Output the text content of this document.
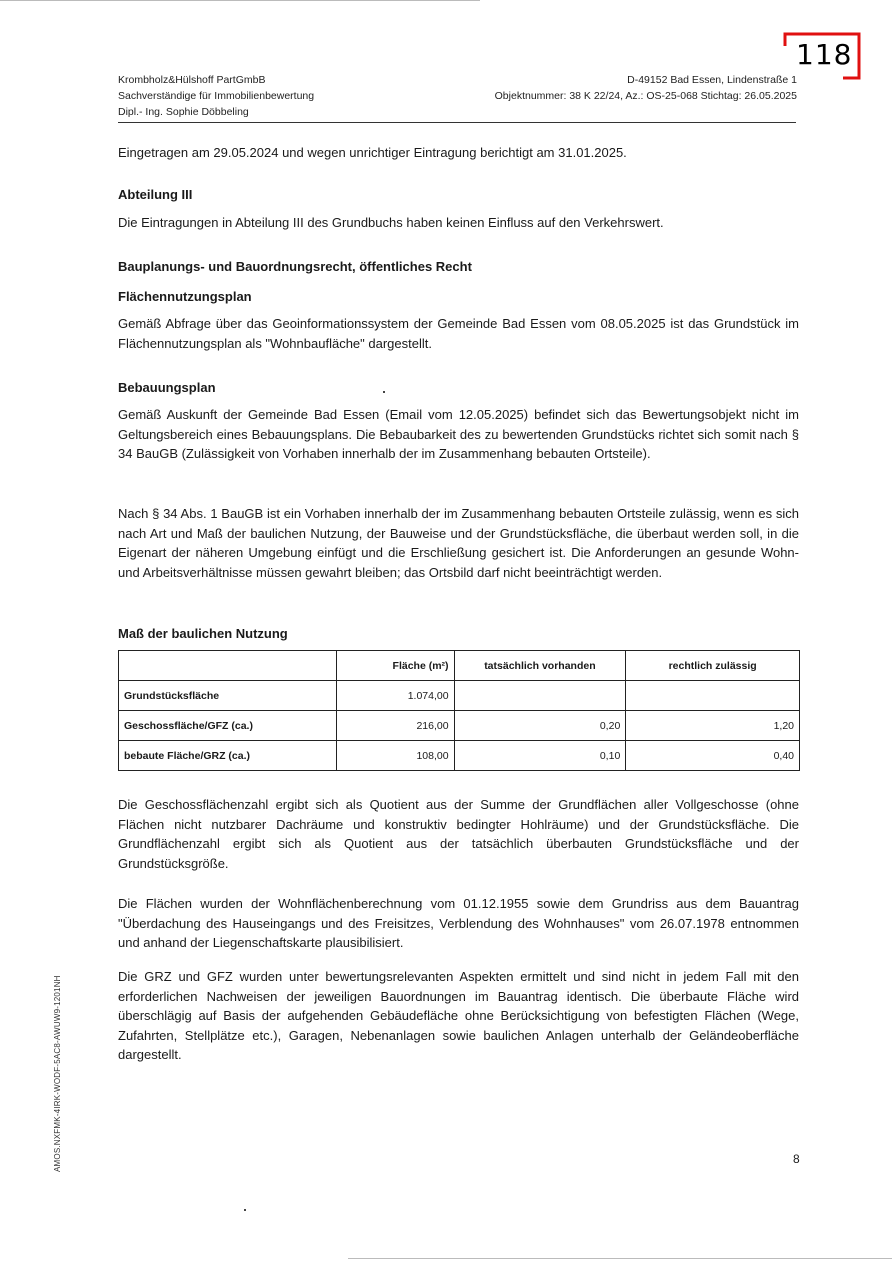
118
Krombholz&Hülshoff PartGmbB
Sachverständige für Immobilienbewertung
Dipl.- Ing. Sophie Döbbeling
D-49152 Bad Essen, Lindenstraße 1
Objektnummer: 38 K 22/24, Az.: OS-25-068 Stichtag: 26.05.2025
Eingetragen am 29.05.2024 und wegen unrichtiger Eintragung berichtigt am 31.01.2025.
Abteilung III
Die Eintragungen in Abteilung III des Grundbuchs haben keinen Einfluss auf den Verkehrswert.
Bauplanungs- und Bauordnungsrecht, öffentliches Recht
Flächennutzungsplan
Gemäß Abfrage über das Geoinformationssystem der Gemeinde Bad Essen vom 08.05.2025 ist das Grundstück im Flächennutzungsplan als "Wohnbaufläche" dargestellt.
Bebauungsplan
Gemäß Auskunft der Gemeinde Bad Essen (Email vom 12.05.2025) befindet sich das Bewertungsobjekt nicht im Geltungsbereich eines Bebauungsplans. Die Bebaubarkeit des zu bewertenden Grundstücks richtet sich somit nach § 34 BauGB (Zulässigkeit von Vorhaben innerhalb der im Zusammenhang bebauten Ortsteile).
Nach § 34 Abs. 1 BauGB ist ein Vorhaben innerhalb der im Zusammenhang bebauten Ortsteile zulässig, wenn es sich nach Art und Maß der baulichen Nutzung, der Bauweise und der Grundstücksfläche, die überbaut werden soll, in die Eigenart der näheren Umgebung einfügt und die Erschließung gesichert ist. Die Anforderungen an gesunde Wohn- und Arbeitsverhältnisse müssen gewahrt bleiben; das Ortsbild darf nicht beeinträchtigt werden.
Maß der baulichen Nutzung
	Fläche (m²)	tatsächlich vorhanden	rechtlich zulässig
Grundstücksfläche	1.074,00		
Geschossfläche/GFZ (ca.)	216,00	0,20	1,20
bebaute Fläche/GRZ (ca.)	108,00	0,10	0,40
Die Geschossflächenzahl ergibt sich als Quotient aus der Summe der Grundflächen aller Vollgeschosse (ohne Flächen nicht nutzbarer Dachräume und konstruktiv bedingter Hohlräume) und der Grundstücksfläche. Die Grundflächenzahl ergibt sich als Quotient aus der tatsächlich überbauten Grundstücksfläche und der Grundstücksgröße.
Die Flächen wurden der Wohnflächenberechnung vom 01.12.1955 sowie dem Grundriss aus dem Bauantrag "Überdachung des Hauseingangs und des Freisitzes, Verblendung des Wohnhauses" vom 26.07.1978 entnommen und anhand der Liegenschaftskarte plausibilisiert.
Die GRZ und GFZ wurden unter bewertungsrelevanten Aspekten ermittelt und sind nicht in jedem Fall mit den erforderlichen Nachweisen der jeweiligen Bauordnungen im Bauantrag identisch. Die überbaute Fläche wird überschlägig auf Basis der aufgehenden Gebäudefläche ohne Berücksichtigung von befestigten Flächen (Wege, Zufahrten, Stellplätze etc.), Garagen, Nebenanlagen sowie baulichen Anlagen unterhalb der Geländeoberfläche dargestellt.
AMOS.NXFMK-4IRK-WODF-5AC8-AWUW9-1201NH	8
